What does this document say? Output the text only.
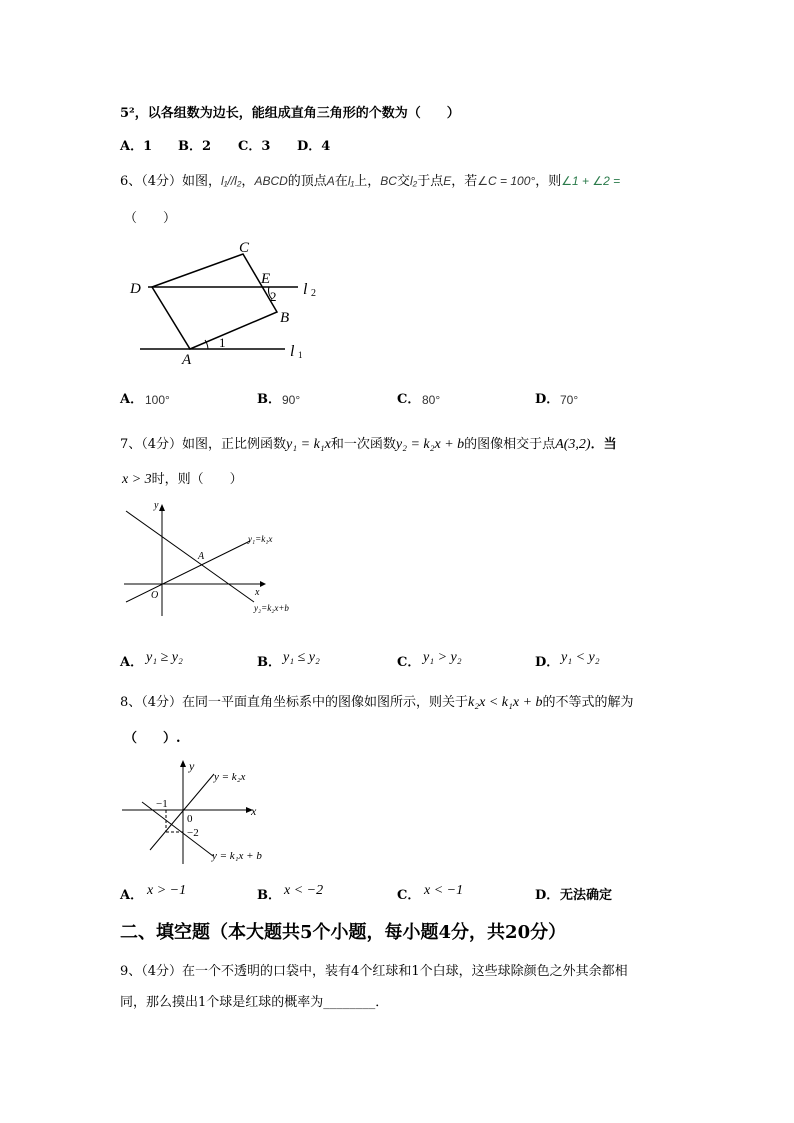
5²，以各组数为边长，能组成直角三角形的个数为（　　）
A．1 B．2 C．3 D．4
6、（4分）如图，l₁//l₂，ABCD的顶点A在l₁上，BC交l₂于点E，若∠C = 100°，则∠1 + ∠2 =
（　　）
C
D
E
2
B
A
1
l 2
l 1
A． 100°	B． 90°	C． 80°	D． 70°
7、（4分）如图，正比例函数y₁ = k₁x和一次函数y₂ = k₂x + b的图像相交于点A(3,2)．当
x > 3时，则（　　）
y
x
O
A
y₁=k₁x
y₂=k₂x+b
A． y₁ ≥ y₂	B． y₁ ≤ y₂	C． y₁ > y₂	D． y₁ < y₂
8、（4分）在同一平面直角坐标系中的图像如图所示，则关于k₂x < k₁x + b的不等式的解为
（　　）.
y
x
0
−1
−2
y = k₂x
y = k₁x + b
A． x > −1	B． x < −2	C． x < −1	D． 无法确定
二、填空题（本大题共5个小题，每小题4分，共20分）
9、（4分）在一个不透明的口袋中，装有4个红球和1个白球，这些球除颜色之外其余都相
同，那么摸出1个球是红球的概率为________．
